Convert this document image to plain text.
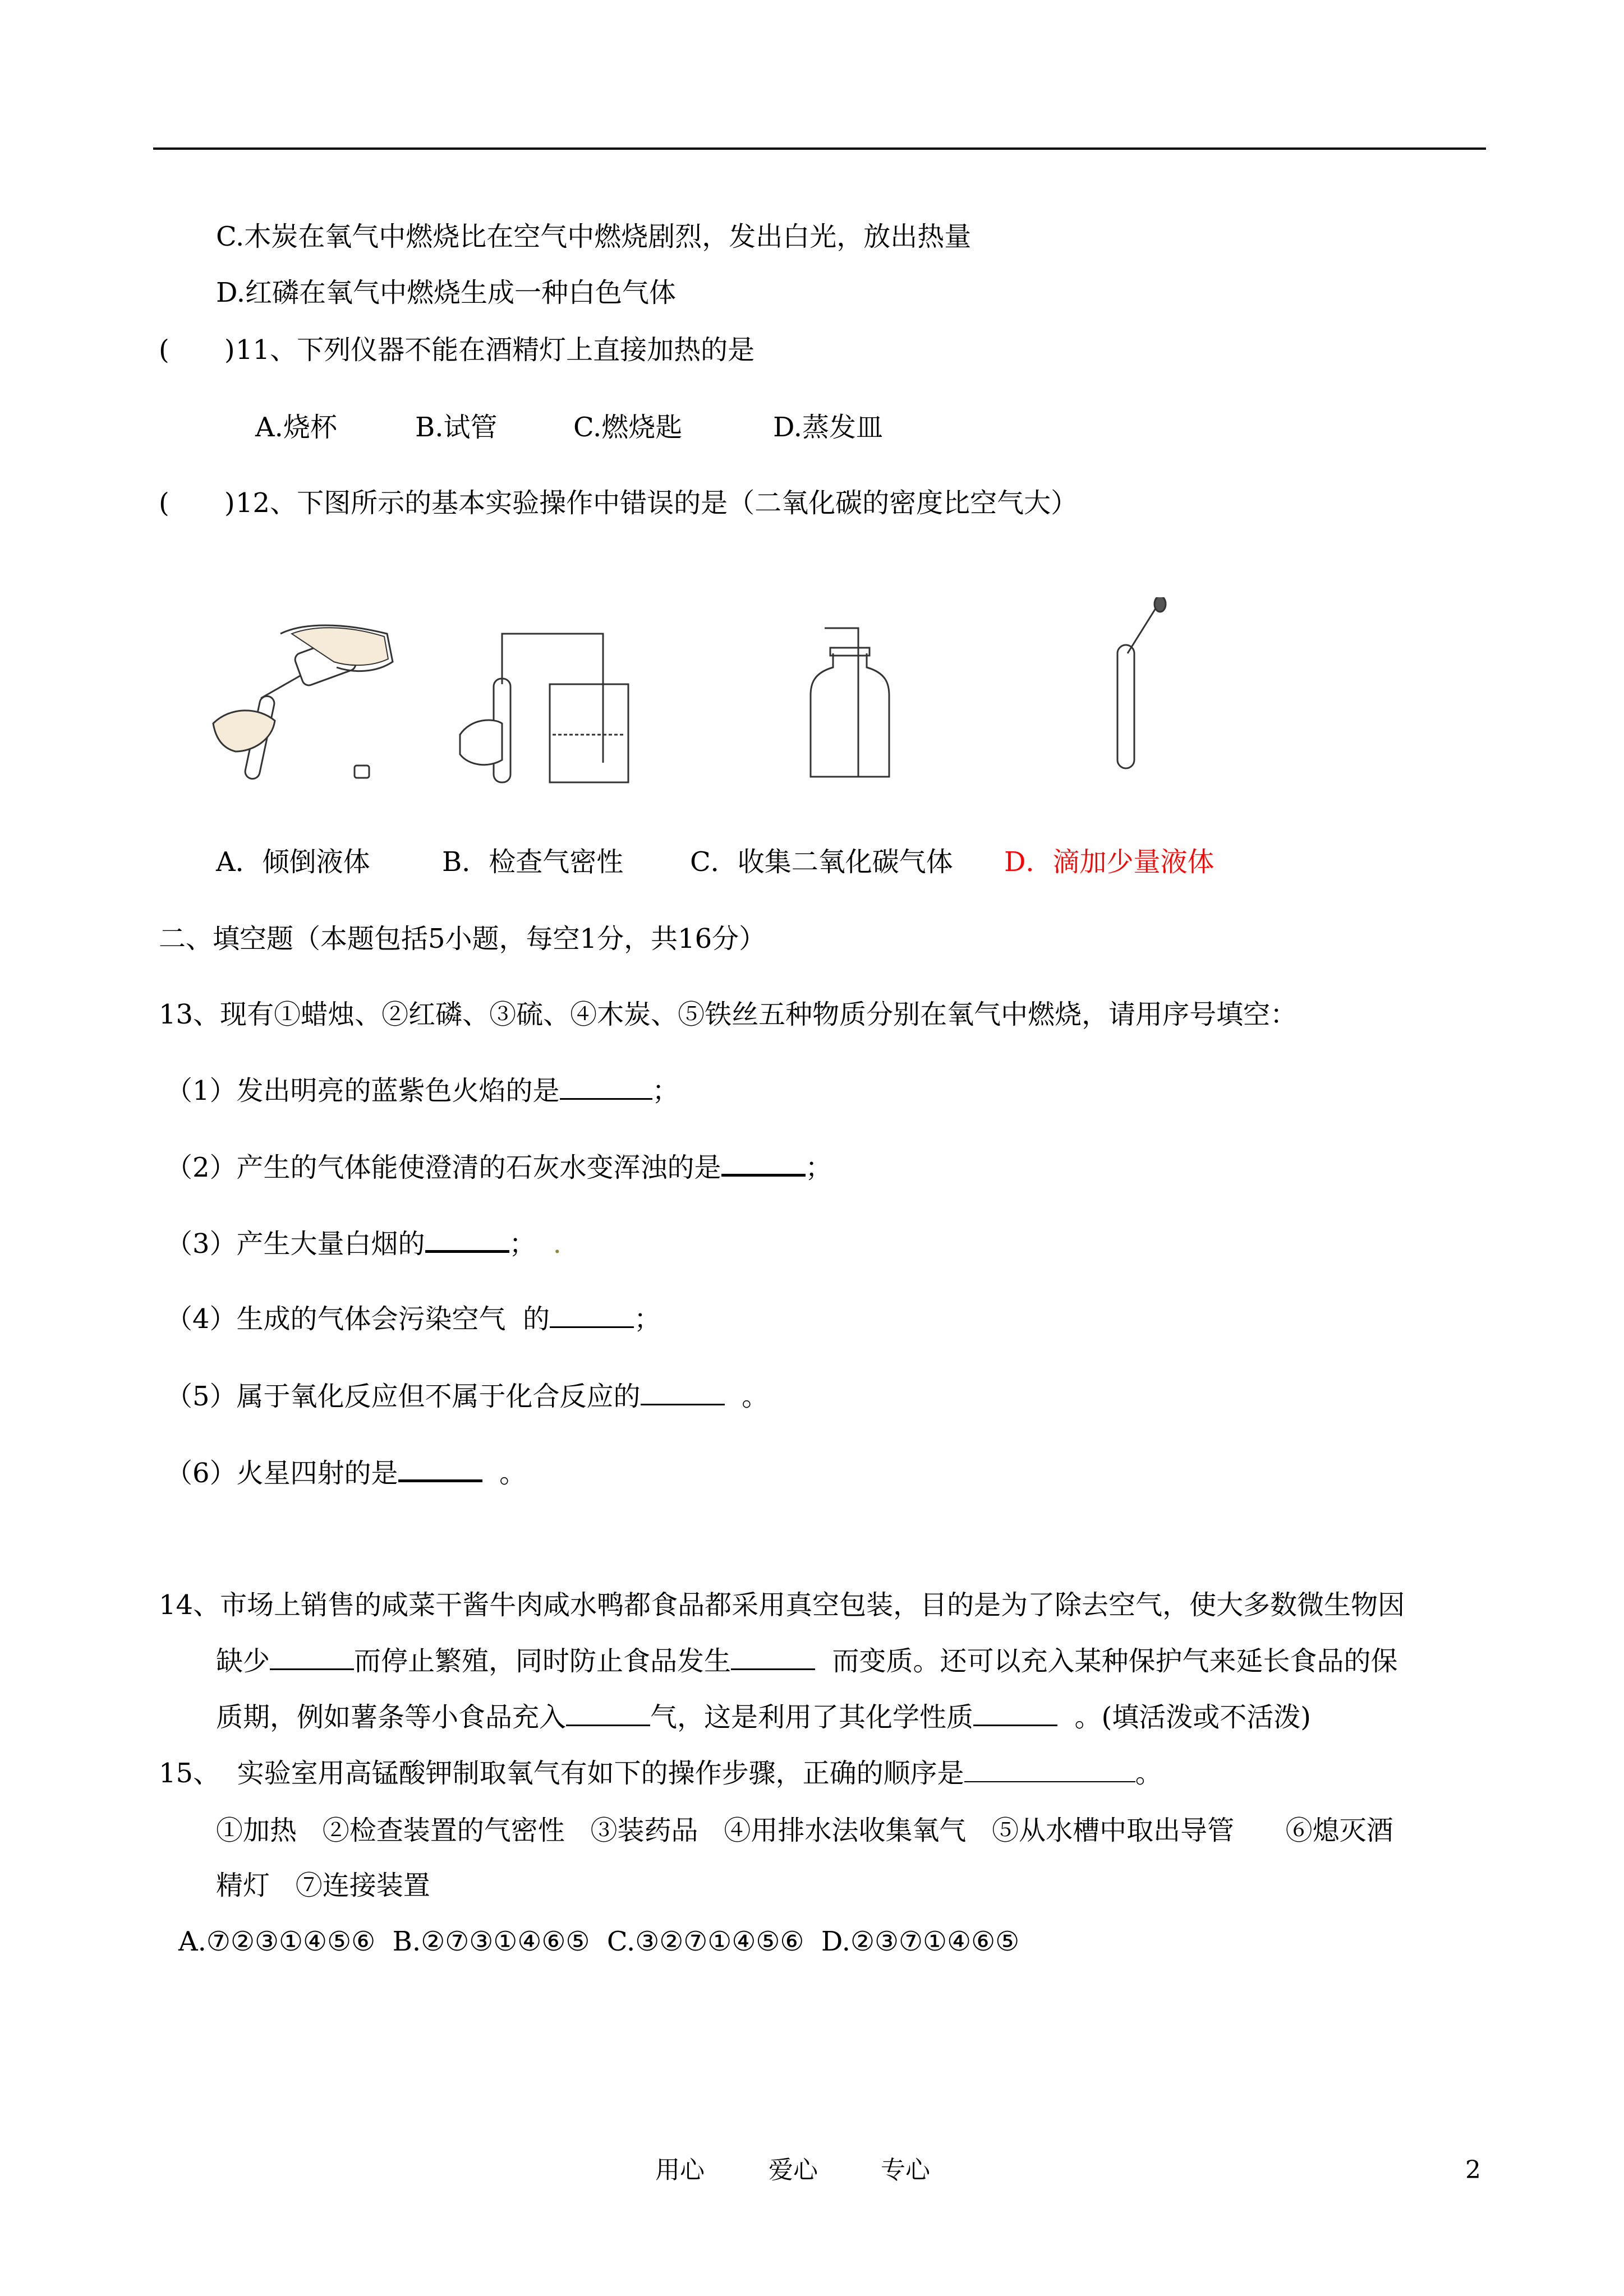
C.木炭在氧气中燃烧比在空气中燃烧剧烈，发出白光，放出热量
D.红磷在氧气中燃烧生成一种白色气体
( ) 11、下列仪器不能在酒精灯上直接加热的是
A.烧杯	B.试管	C.燃烧匙	D.蒸发皿
( ) 12、下图所示的基本实验操作中错误的是（二氧化碳的密度比空气大）
A．倾倒液体	B．检查气密性 C．收集二氧化碳气体 D．滴加少量液体
二、填空题（本题包括5小题，每空1分，共16分）
13、现有①蜡烛、②红磷、③硫、④木炭、⑤铁丝五种物质分别在氧气中燃烧，请用序号填空：
（1）发出明亮的蓝紫色火焰的是	；
（2）产生的气体能使澄清的石灰水变浑浊的是	；
（3）产生大量白烟的	； .
（4）生成的气体会污染空气  的	；
（5）属于氧化反应但不属于化合反应的	。
（6）火星四射的是	。
14、市场上销售的咸菜干酱牛肉咸水鸭都食品都采用真空包装，目的是为了除去空气，使大多数微生物因
缺少	而停止繁殖，同时防止食品发生	而变质。还可以充入某种保护气来延长食品的保
质期，例如薯条等小食品充入	气，这是利用了其化学性质	。(填活泼或不活泼)
15、  实验室用高锰酸钾制取氧气有如下的操作步骤，正确的顺序是	。
①加热   ②检查装置的气密性   ③装药品   ④用排水法收集氧气   ⑤从水槽中取出导管      ⑥熄灭酒
精灯   ⑦连接装置
A.⑦②③①④⑤⑥  B.②⑦③①④⑥⑤  C.③②⑦①④⑤⑥  D.②③⑦①④⑥⑤
用心	爱心	专心	2
